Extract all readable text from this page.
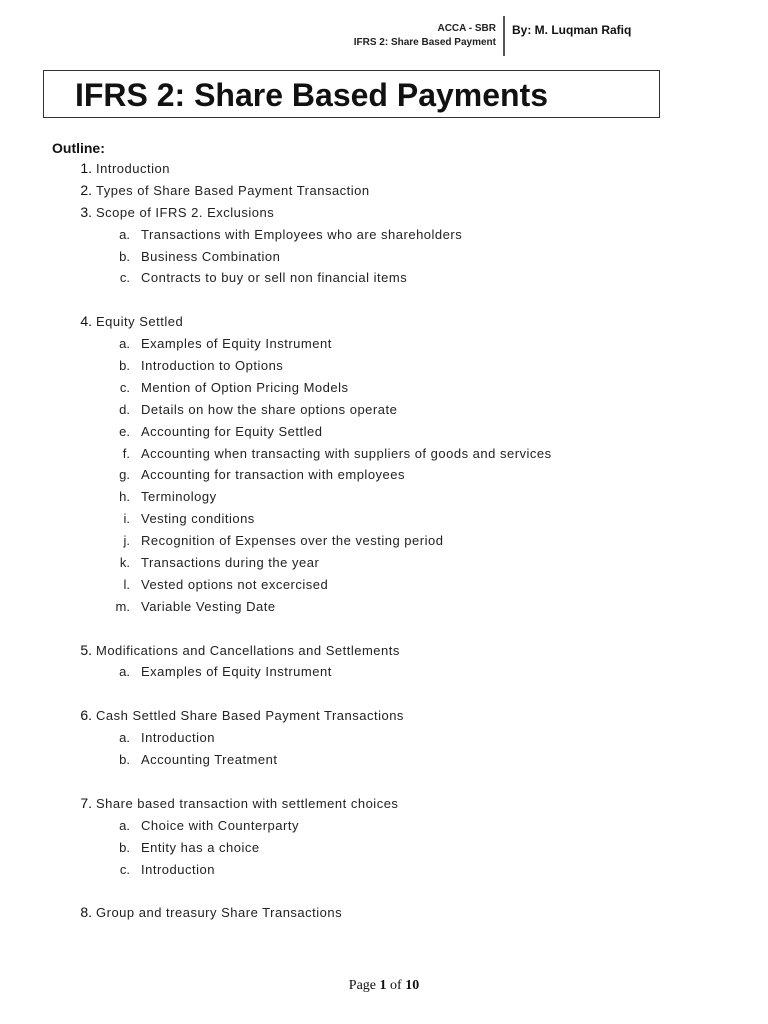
ACCA - SBR
IFRS 2: Share Based Payment
By: M. Luqman Rafiq
IFRS 2: Share Based Payments
Outline:
1. Introduction
2. Types of Share Based Payment Transaction
3. Scope of IFRS 2. Exclusions
a. Transactions with Employees who are shareholders
b. Business Combination
c. Contracts to buy or sell non financial items
4. Equity Settled
a. Examples of Equity Instrument
b. Introduction to Options
c. Mention of Option Pricing Models
d. Details on how the share options operate
e. Accounting for Equity Settled
f. Accounting when transacting with suppliers of goods and services
g. Accounting for transaction with employees
h. Terminology
i. Vesting conditions
j. Recognition of Expenses over the vesting period
k. Transactions during the year
l. Vested options not excercised
m. Variable Vesting Date
5. Modifications and Cancellations and Settlements
a. Examples of Equity Instrument
6. Cash Settled Share Based Payment Transactions
a. Introduction
b. Accounting Treatment
7. Share based transaction with settlement choices
a. Choice with Counterparty
b. Entity has a choice
c. Introduction
8. Group and treasury Share Transactions
Page 1 of 10
